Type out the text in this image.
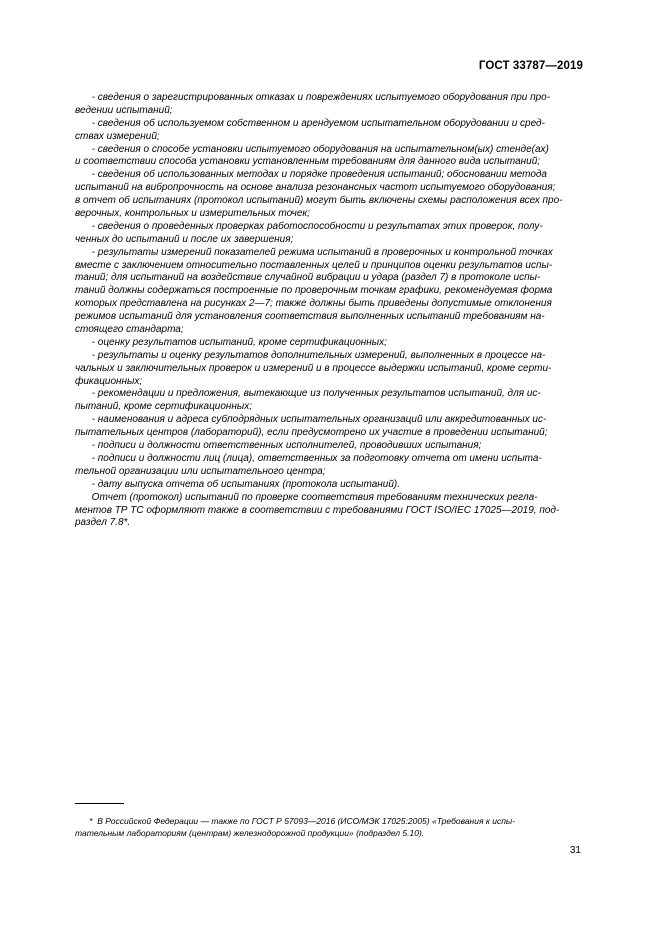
ГОСТ 33787—2019
- сведения о зарегистрированных отказах и повреждениях испытуемого оборудования при про-
ведении испытаний;
- сведения об используемом собственном и арендуемом испытательном оборудовании и сред-
ствах измерений;
- сведения о способе установки испытуемого оборудования на испытательном(ых) стенде(ах)
и соответствии способа установки установленным требованиям для данного вида испытаний;
- сведения об использованных методах и порядке проведения испытаний; обосновании метода
испытаний на вибропрочность на основе анализа резонансных частот испытуемого оборудования;
в отчет об испытаниях (протокол испытаний) могут быть включены схемы расположения всех про-
верочных, контрольных и измерительных точек;
- сведения о проведенных проверках работоспособности и результатах этих проверок, полу-
ченных до испытаний и после их завершения;
- результаты измерений показателей режима испытаний в проверочных и контрольной точках
вместе с заключением относительно поставленных целей и принципов оценки результатов испы-
таний; для испытаний на воздействие случайной вибрации и удара (раздел 7) в протоколе испы-
таний должны содержаться построенные по проверочным точкам графики, рекомендуемая форма
которых представлена на рисунках 2—7; также должны быть приведены допустимые отклонения
режимов испытаний для установления соответствия выполненных испытаний требованиям на-
стоящего стандарта;
- оценку результатов испытаний, кроме сертификационных;
- результаты и оценку результатов дополнительных измерений, выполненных в процессе на-
чальных и заключительных проверок и измерений и в процессе выдержки испытаний, кроме серти-
фикационных;
- рекомендации и предложения, вытекающие из полученных результатов испытаний, для ис-
пытаний, кроме сертификационных;
- наименования и адреса субподрядных испытательных организаций или аккредитованных ис-
пытательных центров (лабораторий), если предусмотрено их участие в проведении испытаний;
- подписи и должности ответственных исполнителей, проводивших испытания;
- подписи и должности лиц (лица), ответственных за подготовку отчета от имени испыта-
тельной организации или испытательного центра;
- дату выпуска отчета об испытаниях (протокола испытаний).
Отчет (протокол) испытаний по проверке соответствия требованиям технических регла-
ментов ТР ТС оформляют также в соответствии с требованиями ГОСТ ISO/IEC 17025—2019, под-
раздел 7.8*.
*  В Российской Федерации — также по ГОСТ Р 57093—2016 (ИСО/МЭК 17025:2005) «Требования к испы-
тательным лабораториям (центрам) железнодорожной продукции» (подраздел 5.10).
31
